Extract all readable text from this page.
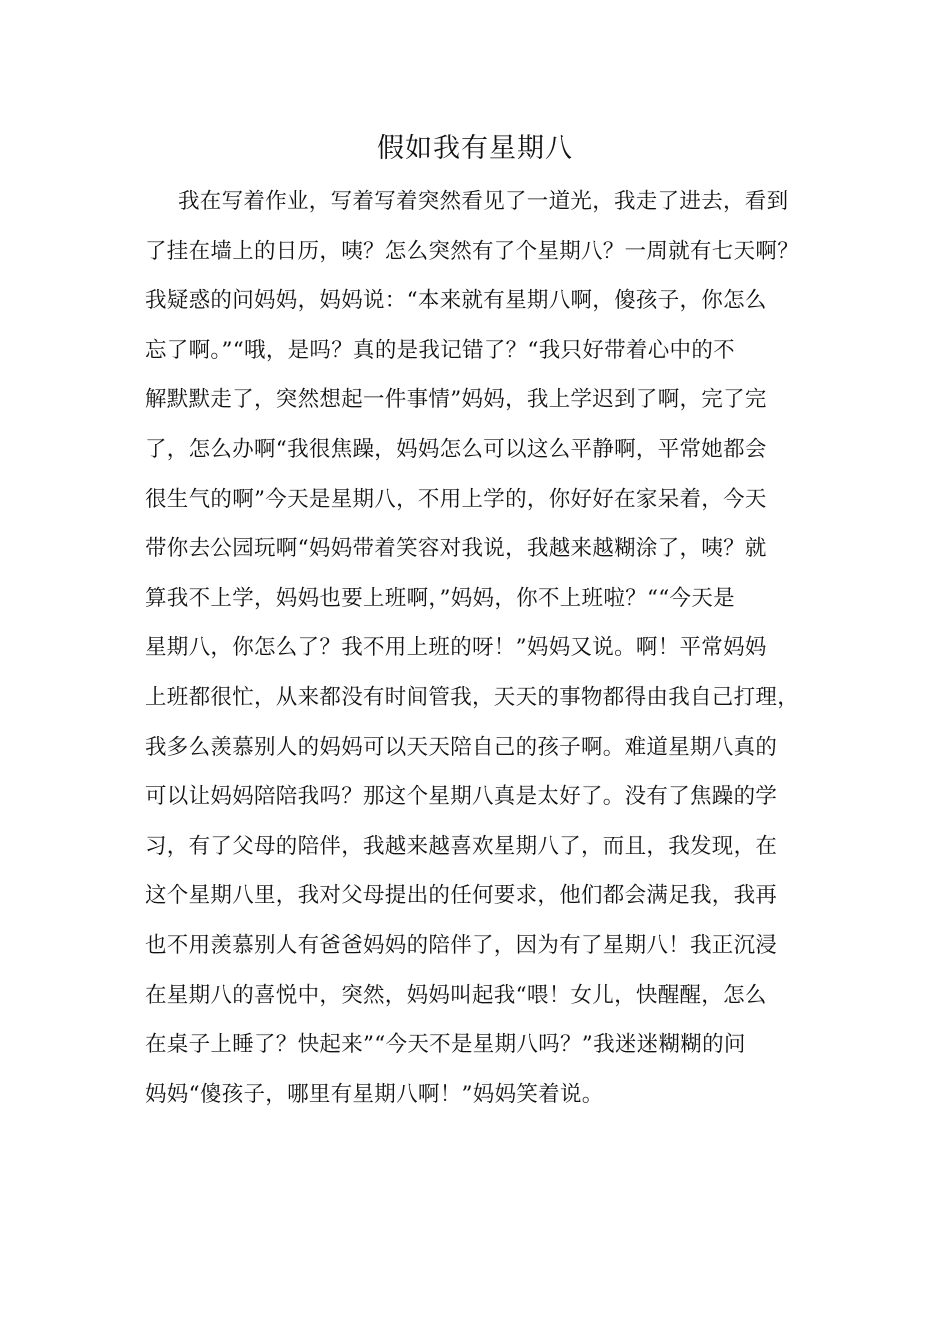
假如我有星期八
我在写着作业，写着写着突然看见了一道光，我走了进去，看到
了挂在墙上的日历，咦？怎么突然有了个星期八？一周就有七天啊？
我疑惑的问妈妈，妈妈说：“本来就有星期八啊，傻孩子，你怎么
忘了啊。”“哦，是吗？真的是我记错了？“我只好带着心中的不
解默默走了，突然想起一件事情”妈妈，我上学迟到了啊，完了完
了，怎么办啊“我很焦躁，妈妈怎么可以这么平静啊，平常她都会
很生气的啊”今天是星期八，不用上学的，你好好在家呆着，今天
带你去公园玩啊“妈妈带着笑容对我说，我越来越糊涂了，咦？就
算我不上学，妈妈也要上班啊，”妈妈，你不上班啦？““今天是
星期八，你怎么了？我不用上班的呀！”妈妈又说。啊！平常妈妈
上班都很忙，从来都没有时间管我，天天的事物都得由我自己打理，
我多么羡慕别人的妈妈可以天天陪自己的孩子啊。难道星期八真的
可以让妈妈陪陪我吗？那这个星期八真是太好了。没有了焦躁的学
习，有了父母的陪伴，我越来越喜欢星期八了，而且，我发现，在
这个星期八里，我对父母提出的任何要求，他们都会满足我，我再
也不用羡慕别人有爸爸妈妈的陪伴了，因为有了星期八！我正沉浸
在星期八的喜悦中，突然，妈妈叫起我“喂！女儿，快醒醒，怎么
在桌子上睡了？快起来”“今天不是星期八吗？”我迷迷糊糊的问
妈妈“傻孩子，哪里有星期八啊！”妈妈笑着说。
